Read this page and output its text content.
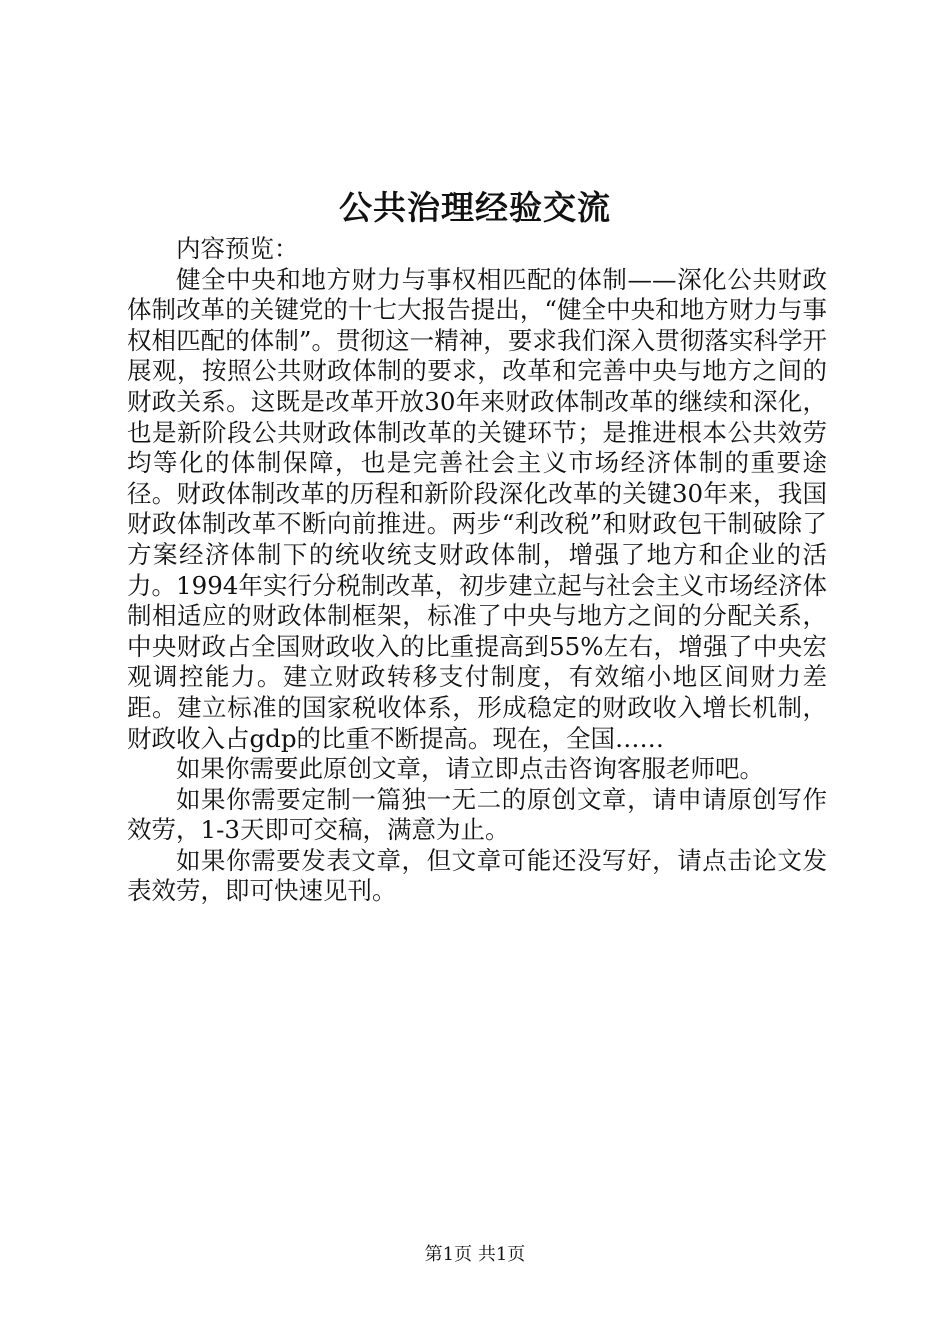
公共治理经验交流

内容预览：

健全中央和地方财力与事权相匹配的体制——深化公共财政体制改革的关键党的十七大报告提出，“健全中央和地方财力与事权相匹配的体制”。贯彻这一精神，要求我们深入贯彻落实科学开展观，按照公共财政体制的要求，改革和完善中央与地方之间的财政关系。这既是改革开放30年来财政体制改革的继续和深化，也是新阶段公共财政体制改革的关键环节；是推进根本公共效劳均等化的体制保障，也是完善社会主义市场经济体制的重要途径。财政体制改革的历程和新阶段深化改革的关键30年来，我国财政体制改革不断向前推进。两步“利改税”和财政包干制破除了方案经济体制下的统收统支财政体制，增强了地方和企业的活力。1994年实行分税制改革，初步建立起与社会主义市场经济体制相适应的财政体制框架，标准了中央与地方之间的分配关系，中央财政占全国财政收入的比重提高到55%左右，增强了中央宏观调控能力。建立财政转移支付制度，有效缩小地区间财力差距。建立标准的国家税收体系，形成稳定的财政收入增长机制，财政收入占gdp的比重不断提高。现在，全国……

如果你需要此原创文章，请立即点击咨询客服老师吧。

如果你需要定制一篇独一无二的原创文章，请申请原创写作效劳，1-3天即可交稿，满意为止。

如果你需要发表文章，但文章可能还没写好，请点击论文发表效劳，即可快速见刊。

第1页 共1页
